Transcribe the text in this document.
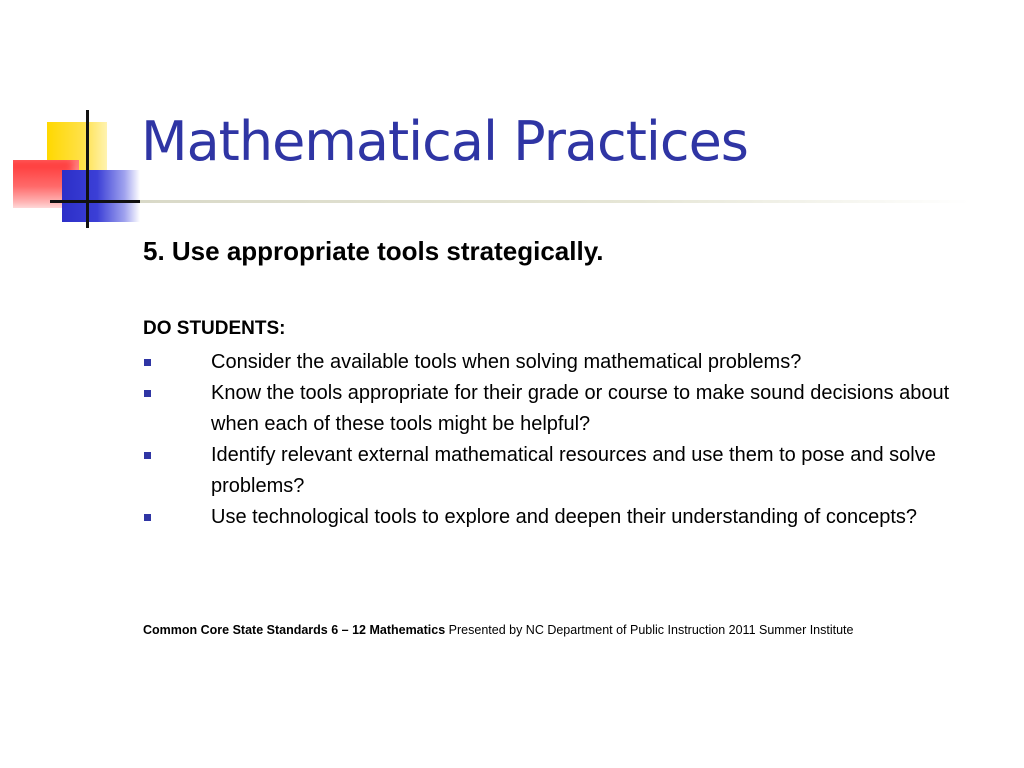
Mathematical Practices
5. Use appropriate tools strategically.
DO STUDENTS:
Consider the available tools when solving mathematical problems?
Know the tools appropriate for their grade or course to make sound decisions about when each of these tools might be helpful?
Identify relevant external mathematical resources and use them to pose and solve problems?
Use technological tools to explore and deepen their understanding of concepts?
Common Core State Standards 6 – 12 Mathematics Presented by NC Department of Public Instruction 2011 Summer Institute
